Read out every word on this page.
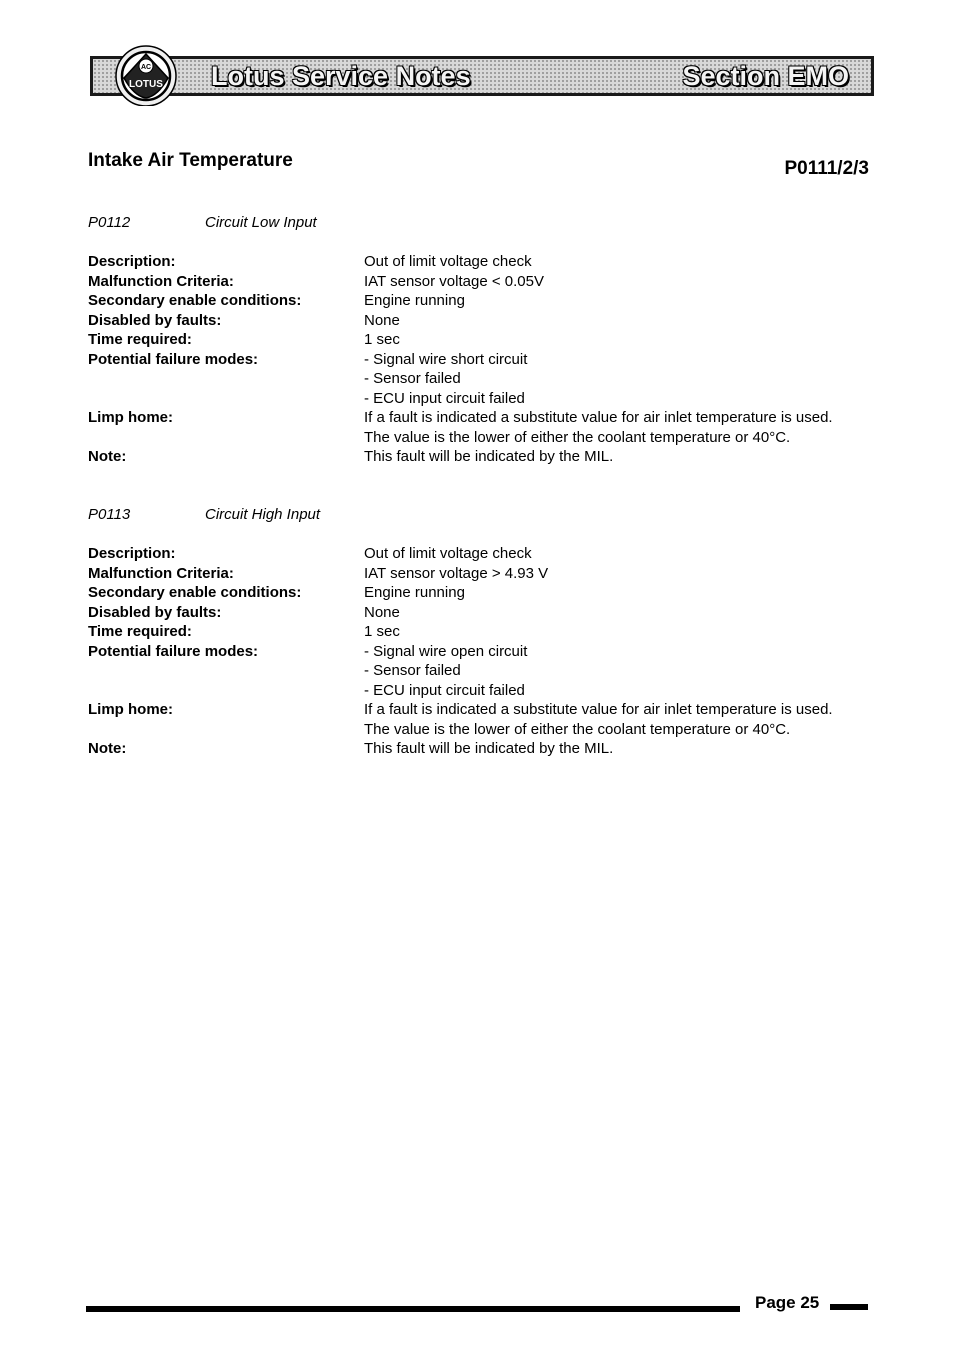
Lotus Service Notes	Section EMO
AC
LOTUS
Intake Air Temperature	P0111/2/3
P0112	Circuit Low Input
Description:	Out of limit voltage check
Malfunction Criteria:	IAT sensor voltage < 0.05V
Secondary enable conditions:	Engine running
Disabled by faults:	None
Time required:	1 sec
Potential failure modes:	- Signal wire short circuit
- Sensor failed
- ECU input circuit failed
Limp home:	If a fault is indicated a substitute value for air inlet temperature is used.
The value is the lower of either the coolant temperature or 40°C.
Note:	This fault will be indicated by the MIL.
P0113	Circuit High Input
Description:	Out of limit voltage check
Malfunction Criteria:	IAT sensor voltage > 4.93 V
Secondary enable conditions:	Engine running
Disabled by faults:	None
Time required:	1 sec
Potential failure modes:	- Signal wire open circuit
- Sensor failed
- ECU input circuit failed
Limp home:	If a fault is indicated a substitute value for air inlet temperature is used.
The value is the lower of either the coolant temperature or 40°C.
Note:	This fault will be indicated by the MIL.
Page 25
